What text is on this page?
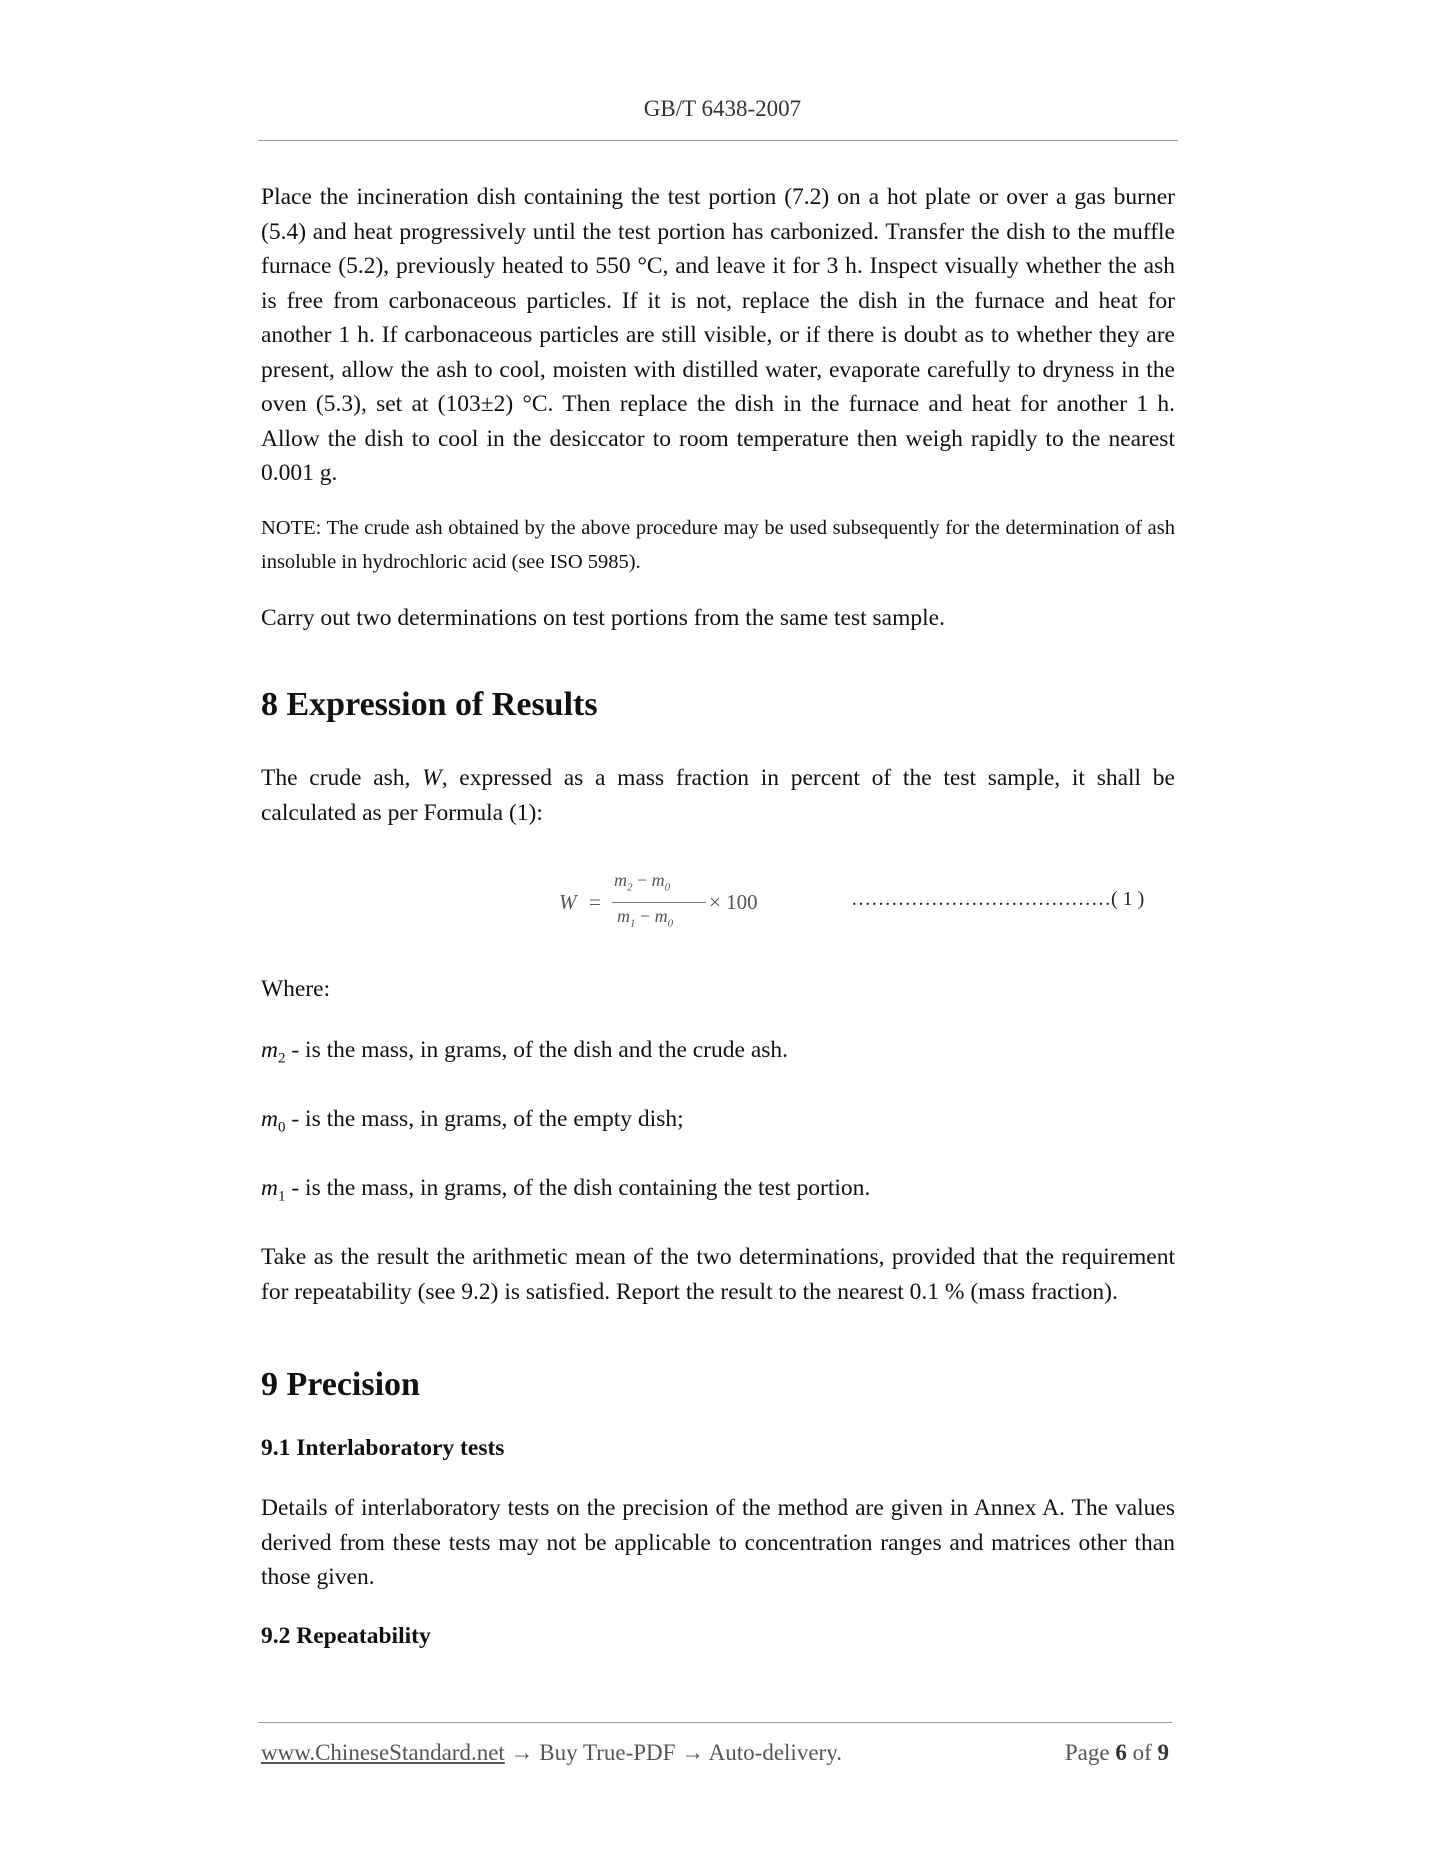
GB/T 6438-2007

Place the incineration dish containing the test portion (7.2) on a hot plate or over a gas burner (5.4) and heat progressively until the test portion has carbonized. Transfer the dish to the muffle furnace (5.2), previously heated to 550 °C, and leave it for 3 h. Inspect visually whether the ash is free from carbonaceous particles. If it is not, replace the dish in the furnace and heat for another 1 h. If carbonaceous particles are still visible, or if there is doubt as to whether they are present, allow the ash to cool, moisten with distilled water, evaporate carefully to dryness in the oven (5.3), set at (103±2) °C. Then replace the dish in the furnace and heat for another 1 h. Allow the dish to cool in the desiccator to room temperature then weigh rapidly to the nearest 0.001 g.

NOTE: The crude ash obtained by the above procedure may be used subsequently for the determination of ash insoluble in hydrochloric acid (see ISO 5985).

Carry out two determinations on test portions from the same test sample.

8 Expression of Results

The crude ash, W, expressed as a mass fraction in percent of the test sample, it shall be calculated as per Formula (1):

W =
$m_2 - m_0$
$m_1 - m_0$
× 100	…………………………………( 1 )

Where:

$m_2$ - is the mass, in grams, of the dish and the crude ash.

$m_0$ - is the mass, in grams, of the empty dish;

$m_1$ - is the mass, in grams, of the dish containing the test portion.

Take as the result the arithmetic mean of the two determinations, provided that the requirement for repeatability (see 9.2) is satisfied. Report the result to the nearest 0.1 % (mass fraction).

9 Precision
9.1 Interlaboratory tests

Details of interlaboratory tests on the precision of the method are given in Annex A. The values derived from these tests may not be applicable to concentration ranges and matrices other than those given.

9.2 Repeatability
www.ChineseStandard.net → Buy True-PDF → Auto-delivery.	Page 6 of 9
